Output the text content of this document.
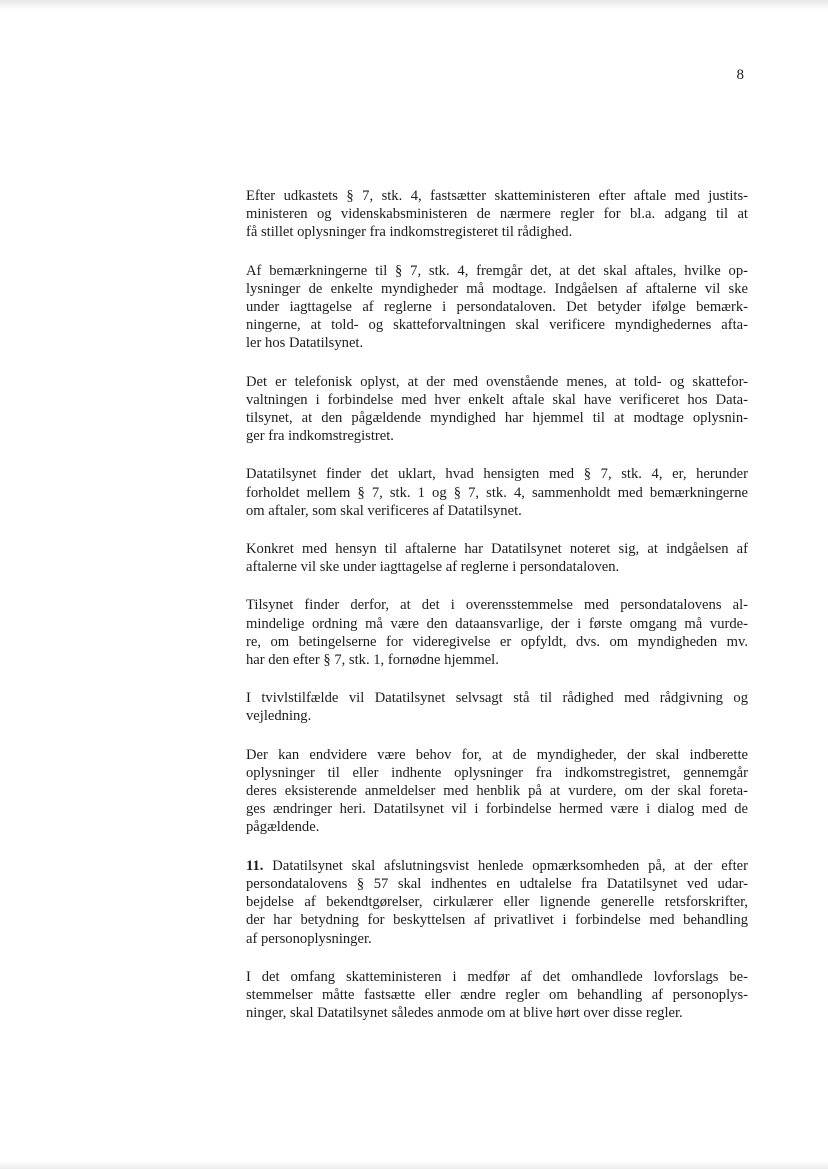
8

Efter udkastets § 7, stk. 4, fastsætter skatteministeren efter aftale med justits-
ministeren og videnskabsministeren de nærmere regler for bl.a. adgang til at
få stillet oplysninger fra indkomstregisteret til rådighed.

Af bemærkningerne til § 7, stk. 4, fremgår det, at det skal aftales, hvilke op-
lysninger de enkelte myndigheder må modtage. Indgåelsen af aftalerne vil ske
under iagttagelse af reglerne i persondataloven. Det betyder ifølge bemærk-
ningerne, at told- og skatteforvaltningen skal verificere myndighedernes afta-
ler hos Datatilsynet.

Det er telefonisk oplyst, at der med ovenstående menes, at told- og skattefor-
valtningen i forbindelse med hver enkelt aftale skal have verificeret hos Data-
tilsynet, at den pågældende myndighed har hjemmel til at modtage oplysnin-
ger fra indkomstregistret.

Datatilsynet finder det uklart, hvad hensigten med § 7, stk. 4, er, herunder
forholdet mellem § 7, stk. 1 og § 7, stk. 4, sammenholdt med bemærkningerne
om aftaler, som skal verificeres af Datatilsynet.

Konkret med hensyn til aftalerne har Datatilsynet noteret sig, at indgåelsen af
aftalerne vil ske under iagttagelse af reglerne i persondataloven.

Tilsynet finder derfor, at det i overensstemmelse med persondatalovens al-
mindelige ordning må være den dataansvarlige, der i første omgang må vurde-
re, om betingelserne for videregivelse er opfyldt, dvs. om myndigheden mv.
har den efter § 7, stk. 1, fornødne hjemmel.

I tvivlstilfælde vil Datatilsynet selvsagt stå til rådighed med rådgivning og
vejledning.

Der kan endvidere være behov for, at de myndigheder, der skal indberette
oplysninger til eller indhente oplysninger fra indkomstregistret, gennemgår
deres eksisterende anmeldelser med henblik på at vurdere, om der skal foreta-
ges ændringer heri. Datatilsynet vil i forbindelse hermed være i dialog med de
pågældende.

11. Datatilsynet skal afslutningsvist henlede opmærksomheden på, at der efter
persondatalovens § 57 skal indhentes en udtalelse fra Datatilsynet ved udar-
bejdelse af bekendtgørelser, cirkulærer eller lignende generelle retsforskrifter,
der har betydning for beskyttelsen af privatlivet i forbindelse med behandling
af personoplysninger.

I det omfang skatteministeren i medfør af det omhandlede lovforslags be-
stemmelser måtte fastsætte eller ændre regler om behandling af personoplys-
ninger, skal Datatilsynet således anmode om at blive hørt over disse regler.
